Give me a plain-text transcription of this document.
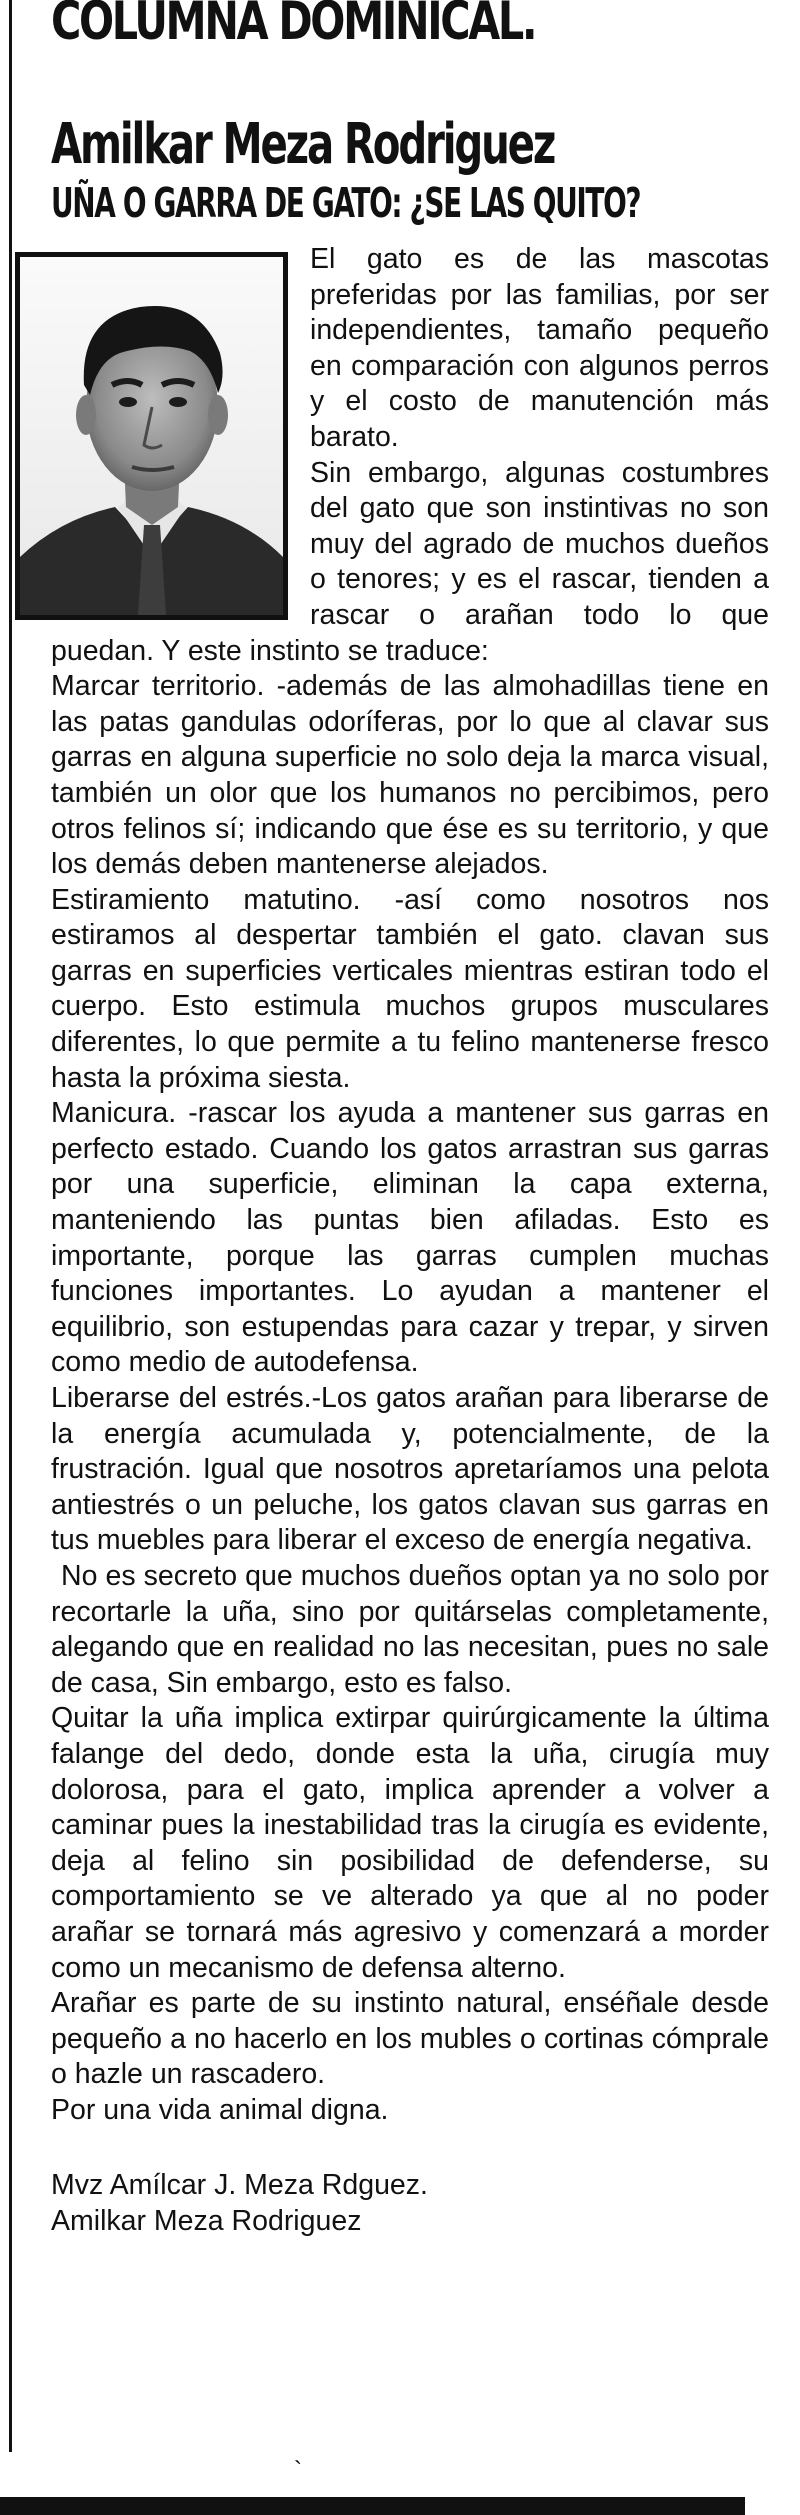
COLUMNA DOMINICAL.
Amilkar Meza Rodriguez
UÑA O GARRA DE GATO: ¿SE LAS QUITO?

El gato es de las mascotas preferidas por las familias, por ser independientes, tamaño pequeño en comparación con algunos perros y el costo de manutención más barato.

Sin embargo, algunas costumbres del gato que son instintivas no son muy del agrado de muchos dueños o tenores; y es el rascar, tienden a rascar o arañan todo lo que puedan. Y este instinto se traduce:

Marcar territorio. -además de las almohadillas tiene en las patas gandulas odoríferas, por lo que al clavar sus garras en alguna superficie no solo deja la marca visual, también un olor que los humanos no percibimos, pero otros felinos sí; indicando que ése es su territorio, y que los demás deben mantenerse alejados.

Estiramiento matutino. -así como nosotros nos estiramos al despertar también el gato. clavan sus garras en superficies verticales mientras estiran todo el cuerpo. Esto estimula muchos grupos musculares diferentes, lo que permite a tu felino mantenerse fresco hasta la próxima siesta.

Manicura. -rascar los ayuda a mantener sus garras en perfecto estado. Cuando los gatos arrastran sus garras por una superficie, eliminan la capa externa, manteniendo las puntas bien afiladas. Esto es importante, porque las garras cumplen muchas funciones importantes. Lo ayudan a mantener el equilibrio, son estupendas para cazar y trepar, y sirven como medio de autodefensa.

Liberarse del estrés.-Los gatos arañan para liberarse de la energía acumulada y, potencialmente, de la frustración. Igual que nosotros apretaríamos una pelota antiestrés o un peluche, los gatos clavan sus garras en tus muebles para liberar el exceso de energía negativa.

No es secreto que muchos dueños optan ya no solo por recortarle la uña, sino por quitárselas completamente, alegando que en realidad no las necesitan, pues no sale de casa, Sin embargo, esto es falso.

Quitar la uña implica extirpar quirúrgicamente la última falange del dedo, donde esta la uña, cirugía muy dolorosa, para el gato, implica aprender a volver a caminar pues la inestabilidad tras la cirugía es evidente, deja al felino sin posibilidad de defenderse, su comportamiento se ve alterado ya que al no poder arañar se tornará más agresivo y comenzará a morder como un mecanismo de defensa alterno.

Arañar es parte de su instinto natural, enséñale desde pequeño a no hacerlo en los mubles o cortinas cómprale o hazle un rascadero.

Por una vida animal digna.

Mvz Amílcar J. Meza Rdguez.

Amilkar Meza Rodriguez

`
